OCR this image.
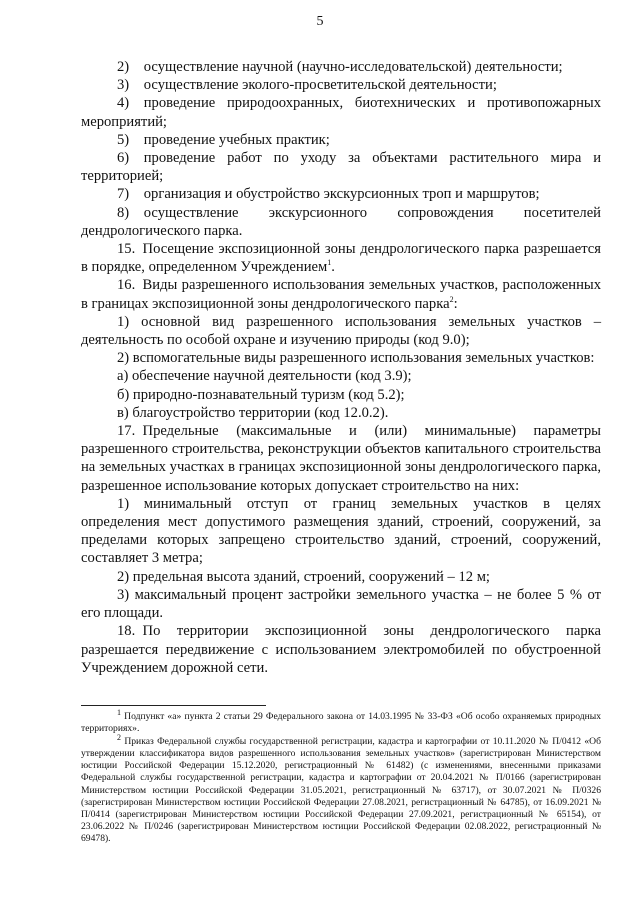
5

2) осуществление научной (научно-исследовательской) деятельности;

3) осуществление эколого-просветительской деятельности;

4) проведение природоохранных, биотехнических и противопожарных мероприятий;

5) проведение учебных практик;

6) проведение работ по уходу за объектами растительного мира и территорией;

7) организация и обустройство экскурсионных троп и маршрутов;

8) осуществление экскурсионного сопровождения посетителей дендрологического парка.

15. Посещение экспозиционной зоны дендрологического парка разрешается в порядке, определенном Учреждением$^1$.

16. Виды разрешенного использования земельных участков, расположенных в границах экспозиционной зоны дендрологического парка$^2$:

1) основной вид разрешенного использования земельных участков – деятельность по особой охране и изучению природы (код 9.0);

2) вспомогательные виды разрешенного использования земельных участков:

а) обеспечение научной деятельности (код 3.9);

б) природно-познавательный туризм (код 5.2);

в) благоустройство территории (код 12.0.2).

17. Предельные (максимальные и (или) минимальные) параметры разрешенного строительства, реконструкции объектов капитального строительства на земельных участках в границах экспозиционной зоны дендрологического парка, разрешенное использование которых допускает строительство на них:

1) минимальный отступ от границ земельных участков в целях определения мест допустимого размещения зданий, строений, сооружений, за пределами которых запрещено строительство зданий, строений, сооружений, составляет 3 метра;

2) предельная высота зданий, строений, сооружений – 12 м;

3) максимальный процент застройки земельного участка – не более 5 % от его площади.

18. По территории экспозиционной зоны дендрологического парка разрешается передвижение с использованием электромобилей по обустроенной Учреждением дорожной сети.

$^1$ Подпункт «а» пункта 2 статьи 29 Федерального закона от 14.03.1995 № 33-ФЗ «Об особо охраняемых природных территориях».

$^2$ Приказ Федеральной службы государственной регистрации, кадастра и картографии от 10.11.2020 № П/0412 «Об утверждении классификатора видов разрешенного использования земельных участков» (зарегистрирован Министерством юстиции Российской Федерации 15.12.2020, регистрационный № 61482) (с изменениями, внесенными приказами Федеральной службы государственной регистрации, кадастра и картографии от 20.04.2021 № П/0166 (зарегистрирован Министерством юстиции Российской Федерации 31.05.2021, регистрационный № 63717), от 30.07.2021 № П/0326 (зарегистрирован Министерством юстиции Российской Федерации 27.08.2021, регистрационный № 64785), от 16.09.2021 № П/0414 (зарегистрирован Министерством юстиции Российской Федерации 27.09.2021, регистрационный № 65154), от 23.06.2022 № П/0246 (зарегистрирован Министерством юстиции Российской Федерации 02.08.2022, регистрационный № 69478).
